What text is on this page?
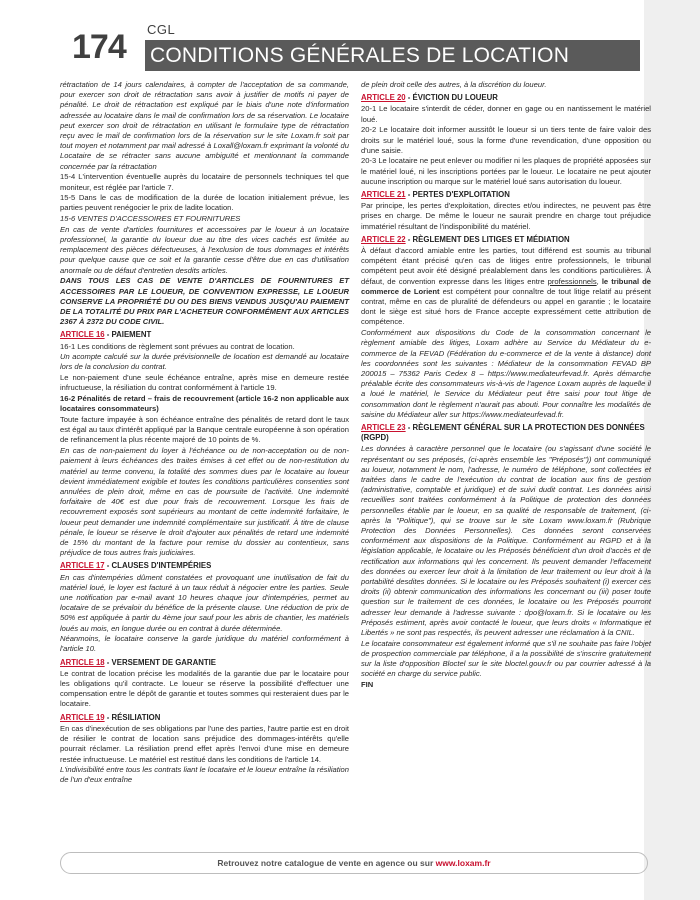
174 CGL
CONDITIONS GÉNÉRALES DE LOCATION

rétractation de 14 jours calendaires, à compter de l'acceptation de sa commande, pour exercer son droit de rétractation sans avoir à justifier de motifs ni payer de pénalité. Le droit de rétractation est expliqué par le biais d'une note d'information adressée au locataire dans le mail de confirmation lors de sa réservation. Le locataire peut exercer son droit de rétractation en utilisant le formulaire type de rétractation reçu avec le mail de confirmation lors de la réservation sur le site Loxam.fr soit par tout moyen et notamment par mail adressé à Loxall@loxam.fr exprimant la volonté du Locataire de se rétracter sans aucune ambiguïté et mentionnant la commande concernée par la rétractation

15-4 L'intervention éventuelle auprès du locataire de personnels techniques tel que moniteur, est réglée par l'article 7.

15-5 Dans le cas de modification de la durée de location initialement prévue, les parties peuvent renégocier le prix de ladite location.

15-6 VENTES D'ACCESSOIRES ET FOURNITURES

En cas de vente d'articles fournitures et accessoires par le loueur à un locataire professionnel, la garantie du loueur due au titre des vices cachés est limitée au remplacement des pièces défectueuses, à l'exclusion de tous dommages et intérêts pour quelque cause que ce soit et la garantie cesse d'être due en cas d'utilisation anormale ou de défaut d'entretien desdits articles.

DANS TOUS LES CAS DE VENTE D'ARTICLES DE FOURNITURES ET ACCESSOIRES PAR LE LOUEUR, DE CONVENTION EXPRESSE, LE LOUEUR CONSERVE LA PROPRIÉTÉ DU OU DES BIENS VENDUS JUSQU'AU PAIEMENT DE LA TOTALITÉ DU PRIX PAR L'ACHETEUR CONFORMÉMENT AUX ARTICLES 2367 À 2372 DU CODE CIVIL.

ARTICLE 16 - PAIEMENT

16-1 Les conditions de règlement sont prévues au contrat de location.

Un acompte calculé sur la durée prévisionnelle de location est demandé au locataire lors de la conclusion du contrat.

Le non-paiement d'une seule échéance entraîne, après mise en demeure restée infructueuse, la résiliation du contrat conformément à l'article 19.

16-2 Pénalités de retard – frais de recouvrement (article 16-2 non applicable aux locataires consommateurs)

Toute facture impayée à son échéance entraîne des pénalités de retard dont le taux est égal au taux d'intérêt appliqué par la Banque centrale européenne à son opération de refinancement la plus récente majoré de 10 points de %.

En cas de non-paiement du loyer à l'échéance ou de non-acceptation ou de non-paiement à leurs échéances des traites émises à cet effet ou de non-restitution du matériel au terme convenu, la totalité des sommes dues par le locataire au loueur devient immédiatement exigible et toutes les conditions particulières consenties sont annulées de plein droit, même en cas de poursuite de l'activité. Une indemnité forfaitaire de 40€ est due pour frais de recouvrement. Lorsque les frais de recouvrement exposés sont supérieurs au montant de cette indemnité forfaitaire, le loueur peut demander une indemnité complémentaire sur justificatif. À titre de clause pénale, le loueur se réserve le droit d'ajouter aux pénalités de retard une indemnité de 15% du montant de la facture pour remise du dossier au contentieux, sans préjudice de tous autres frais judiciaires.

ARTICLE 17 - CLAUSES D'INTEMPÉRIES

En cas d'intempéries dûment constatées et provoquant une inutilisation de fait du matériel loué, le loyer est facturé à un taux réduit à négocier entre les parties. Seule une notification par e-mail avant 10 heures chaque jour d'intempéries, permet au locataire de se prévaloir du bénéfice de la présente clause. Une réduction de prix de 50% est appliquée à partir du 4ème jour sauf pour les abris de chantier, les matériels loués au mois, en longue durée ou en contrat à durée déterminée.

Néanmoins, le locataire conserve la garde juridique du matériel conformément à l'article 10.

ARTICLE 18 - VERSEMENT DE GARANTIE

Le contrat de location précise les modalités de la garantie due par le locataire pour les obligations qu'il contracte. Le loueur se réserve la possibilité d'effectuer une compensation entre le dépôt de garantie et toutes sommes qui resteraient dues par le locataire.

ARTICLE 19 - RÉSILIATION

En cas d'inexécution de ses obligations par l'une des parties, l'autre partie est en droit de résilier le contrat de location sans préjudice des dommages-intérêts qu'elle pourrait réclamer. La résiliation prend effet après l'envoi d'une mise en demeure restée infructueuse. Le matériel est restitué dans les conditions de l'article 14.

L'indivisibilité entre tous les contrats liant le locataire et le loueur entraîne la résiliation de l'un d'eux entraîne

de plein droit celle des autres, à la discrétion du loueur.

ARTICLE 20 - ÉVICTION DU LOUEUR

20-1 Le locataire s'interdit de céder, donner en gage ou en nantissement le matériel loué.

20-2 Le locataire doit informer aussitôt le loueur si un tiers tente de faire valoir des droits sur le matériel loué, sous la forme d'une revendication, d'une opposition ou d'une saisie.

20-3 Le locataire ne peut enlever ou modifier ni les plaques de propriété apposées sur le matériel loué, ni les inscriptions portées par le loueur. Le locataire ne peut ajouter aucune inscription ou marque sur le matériel loué sans autorisation du loueur.

ARTICLE 21 - PERTES D'EXPLOITATION

Par principe, les pertes d'exploitation, directes et/ou indirectes, ne peuvent pas être prises en charge. De même le loueur ne saurait prendre en charge tout préjudice immatériel résultant de l'indisponibilité du matériel.

ARTICLE 22 - RÈGLEMENT DES LITIGES ET MÉDIATION

À défaut d'accord amiable entre les parties, tout différend est soumis au tribunal compétent étant précisé qu'en cas de litiges entre professionnels, le tribunal compétent peut avoir été désigné préalablement dans les conditions particulières. À défaut, de convention expresse dans les litiges entre professionnels, le tribunal de commerce de Lorient est compétent pour connaître de tout litige relatif au présent contrat, même en cas de pluralité de défendeurs ou appel en garantie ; le locataire dont le siège est situé hors de France accepte expressément cette attribution de compétence.

Conformément aux dispositions du Code de la consommation concernant le règlement amiable des litiges, Loxam adhère au Service du Médiateur du e-commerce de la FEVAD (Fédération du e-commerce et de la vente à distance) dont les coordonnées sont les suivantes : Médiateur de la consommation FEVAD BP 200015 – 75362 Paris Cedex 8 – https://www.mediateurfevad.fr. Après démarche préalable écrite des consommateurs vis-à-vis de l'agence Loxam auprès de laquelle il a loué le matériel, le Service du Médiateur peut être saisi pour tout litige de consommation dont le règlement n'aurait pas abouti. Pour connaître les modalités de saisine du Médiateur aller sur https://www.mediateurfevad.fr.

ARTICLE 23 - RÈGLEMENT GÉNÉRAL SUR LA PROTECTION DES DONNÉES (RGPD)

Les données à caractère personnel que le locataire (ou s'agissant d'une société le représentant ou ses préposés, (ci-après ensemble les "Préposés")) ont communiqué au loueur, notamment le nom, l'adresse, le numéro de téléphone, sont collectées et traitées dans le cadre de l'exécution du contrat de location aux fins de gestion (administrative, comptable et juridique) et de suivi dudit contrat. Les données ainsi recueillies sont traitées conformément à la Politique de protection des données personnelles établie par le loueur, en sa qualité de responsable de traitement, (ci-après la "Politique"), qui se trouve sur le site Loxam www.loxam.fr (Rubrique Protection des Données Personnelles). Ces données seront conservées conformément aux dispositions de la Politique. Conformément au RGPD et à la législation applicable, le locataire ou les Préposés bénéficient d'un droit d'accès et de rectification aux informations qui les concernent. Ils peuvent demander l'effacement des données ou exercer leur droit à la limitation de leur traitement ou leur droit à la portabilité desdites données. Si le locataire ou les Préposés souhaitent (i) exercer ces droits (ii) obtenir communication des informations les concernant ou (iii) poser toute question sur le traitement de ces données, le locataire ou les Préposés pourront adresser leur demande à l'adresse suivante : dpo@loxam.fr. Si le locataire ou les Préposés estiment, après avoir contacté le loueur, que leurs droits « Informatique et Libertés » ne sont pas respectés, ils peuvent adresser une réclamation à la CNIL.

Le locataire consommateur est également informé que s'il ne souhaite pas faire l'objet de prospection commerciale par téléphone, il a la possibilité de s'inscrire gratuitement sur la liste d'opposition Bloctel sur le site bloctel.gouv.fr ou par courrier adressé à la société en charge du service public.

FIN

Retrouvez notre catalogue de vente en agence ou sur www.loxam.fr
